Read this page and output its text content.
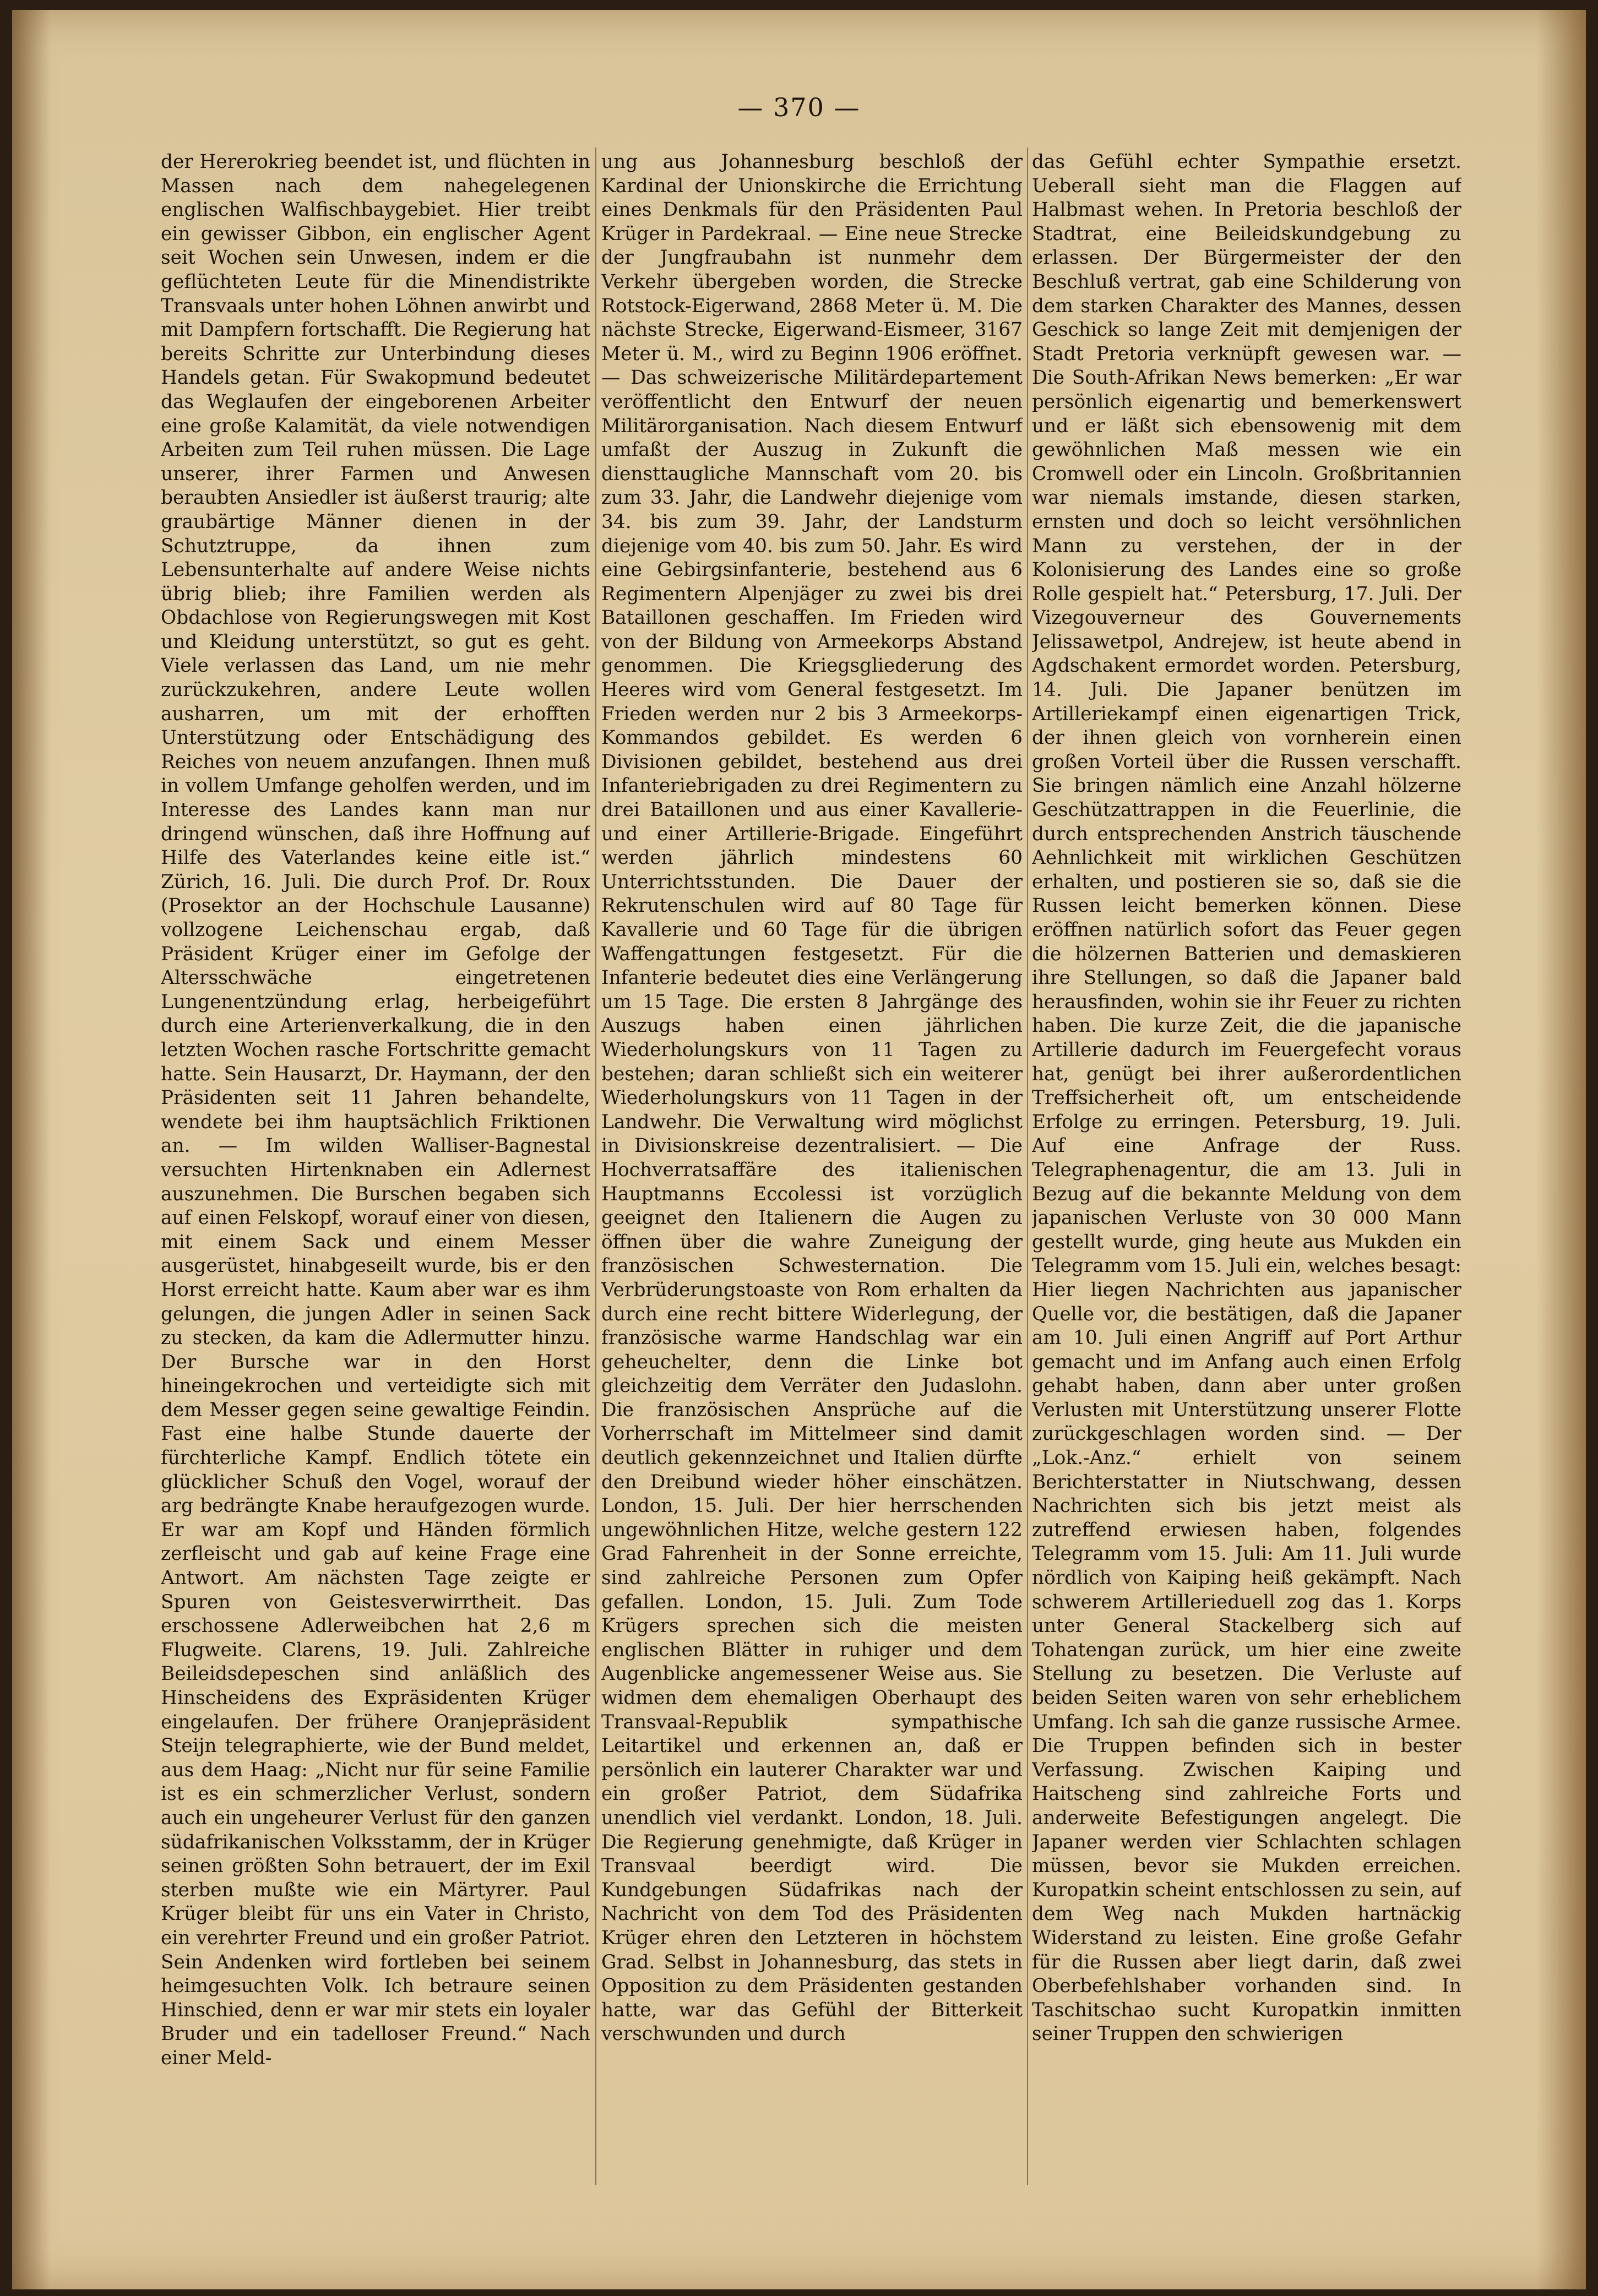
— 370 —

der Hererokrieg beendet ist, und flüchten in Massen nach dem nahegelegenen englischen Walfischbaygebiet. Hier treibt ein gewisser Gibbon, ein englischer Agent seit Wochen sein Unwesen, indem er die geflüchteten Leute für die Minendistrikte Transvaals unter hohen Löhnen anwirbt und mit Dampfern fortschafft. Die Regierung hat bereits Schritte zur Unterbindung dieses Handels getan. Für Swakopmund bedeutet das Weglaufen der eingeborenen Arbeiter eine große Kalamität, da viele notwendigen Arbeiten zum Teil ruhen müssen. Die Lage unserer, ihrer Farmen und Anwesen beraubten Ansiedler ist äußerst traurig; alte graubärtige Männer dienen in der Schutztruppe, da ihnen zum Lebensunterhalte auf andere Weise nichts übrig blieb; ihre Familien werden als Obdachlose von Regierungswegen mit Kost und Kleidung unterstützt, so gut es geht. Viele verlassen das Land, um nie mehr zurückzukehren, andere Leute wollen ausharren, um mit der erhofften Unterstützung oder Entschädigung des Reiches von neuem anzufangen. Ihnen muß in vollem Umfange geholfen werden, und im Interesse des Landes kann man nur dringend wünschen, daß ihre Hoffnung auf Hilfe des Vaterlandes keine eitle ist.“ Zürich, 16. Juli. Die durch Prof. Dr. Roux (Prosektor an der Hochschule Lausanne) vollzogene Leichenschau ergab, daß Präsident Krüger einer im Gefolge der Altersschwäche eingetretenen Lungenentzündung erlag, herbeigeführt durch eine Arterienverkalkung, die in den letzten Wochen rasche Fortschritte gemacht hatte. Sein Hausarzt, Dr. Haymann, der den Präsidenten seit 11 Jahren behandelte, wendete bei ihm hauptsächlich Friktionen an. — Im wilden Walliser-Bagnestal versuchten Hirtenknaben ein Adlernest auszunehmen. Die Burschen begaben sich auf einen Felskopf, worauf einer von diesen, mit einem Sack und einem Messer ausgerüstet, hinabgeseilt wurde, bis er den Horst erreicht hatte. Kaum aber war es ihm gelungen, die jungen Adler in seinen Sack zu stecken, da kam die Adlermutter hinzu. Der Bursche war in den Horst hineingekrochen und verteidigte sich mit dem Messer gegen seine gewaltige Feindin. Fast eine halbe Stunde dauerte der fürchterliche Kampf. Endlich tötete ein glücklicher Schuß den Vogel, worauf der arg bedrängte Knabe heraufgezogen wurde. Er war am Kopf und Händen förmlich zerfleischt und gab auf keine Frage eine Antwort. Am nächsten Tage zeigte er Spuren von Geistesverwirrtheit. Das erschossene Adlerweibchen hat 2,6 m Flugweite. Clarens, 19. Juli. Zahlreiche Beileidsdepeschen sind anläßlich des Hinscheidens des Expräsidenten Krüger eingelaufen. Der frühere Oranjepräsident Steijn telegraphierte, wie der Bund meldet, aus dem Haag: „Nicht nur für seine Familie ist es ein schmerzlicher Verlust, sondern auch ein ungeheurer Verlust für den ganzen südafrikanischen Volksstamm, der in Krüger seinen größten Sohn betrauert, der im Exil sterben mußte wie ein Märtyrer. Paul Krüger bleibt für uns ein Vater in Christo, ein verehrter Freund und ein großer Patriot. Sein Andenken wird fortleben bei seinem heimgesuchten Volk. Ich betraure seinen Hinschied, denn er war mir stets ein loyaler Bruder und ein tadelloser Freund.“ Nach einer Meld-

ung aus Johannesburg beschloß der Kardinal der Unionskirche die Errichtung eines Denkmals für den Präsidenten Paul Krüger in Pardekraal. — Eine neue Strecke der Jungfraubahn ist nunmehr dem Verkehr übergeben worden, die Strecke Rotstock-Eigerwand, 2868 Meter ü. M. Die nächste Strecke, Eigerwand-Eismeer, 3167 Meter ü. M., wird zu Beginn 1906 eröffnet. — Das schweizerische Militärdepartement veröffentlicht den Entwurf der neuen Militärorganisation. Nach diesem Entwurf umfaßt der Auszug in Zukunft die diensttaugliche Mannschaft vom 20. bis zum 33. Jahr, die Landwehr diejenige vom 34. bis zum 39. Jahr, der Landsturm diejenige vom 40. bis zum 50. Jahr. Es wird eine Gebirgsinfanterie, bestehend aus 6 Regimentern Alpenjäger zu zwei bis drei Bataillonen geschaffen. Im Frieden wird von der Bildung von Armeekorps Abstand genommen. Die Kriegsgliederung des Heeres wird vom General festgesetzt. Im Frieden werden nur 2 bis 3 Armeekorps-Kommandos gebildet. Es werden 6 Divisionen gebildet, bestehend aus drei Infanteriebrigaden zu drei Regimentern zu drei Bataillonen und aus einer Kavallerie- und einer Artillerie-Brigade. Eingeführt werden jährlich mindestens 60 Unterrichtsstunden. Die Dauer der Rekrutenschulen wird auf 80 Tage für Kavallerie und 60 Tage für die übrigen Waffengattungen festgesetzt. Für die Infanterie bedeutet dies eine Verlängerung um 15 Tage. Die ersten 8 Jahrgänge des Auszugs haben einen jährlichen Wiederholungskurs von 11 Tagen zu bestehen; daran schließt sich ein weiterer Wiederholungskurs von 11 Tagen in der Landwehr. Die Verwaltung wird möglichst in Divisionskreise dezentralisiert. — Die Hochverratsaffäre des italienischen Hauptmanns Eccolessi ist vorzüglich geeignet den Italienern die Augen zu öffnen über die wahre Zuneigung der französischen Schwesternation. Die Verbrüderungstoaste von Rom erhalten da durch eine recht bittere Widerlegung, der französische warme Handschlag war ein geheuchelter, denn die Linke bot gleichzeitig dem Verräter den Judaslohn. Die französischen Ansprüche auf die Vorherrschaft im Mittelmeer sind damit deutlich gekennzeichnet und Italien dürfte den Dreibund wieder höher einschätzen. London, 15. Juli. Der hier herrschenden ungewöhnlichen Hitze, welche gestern 122 Grad Fahrenheit in der Sonne erreichte, sind zahlreiche Personen zum Opfer gefallen. London, 15. Juli. Zum Tode Krügers sprechen sich die meisten englischen Blätter in ruhiger und dem Augenblicke angemessener Weise aus. Sie widmen dem ehemaligen Oberhaupt des Transvaal-Republik sympathische Leitartikel und erkennen an, daß er persönlich ein lauterer Charakter war und ein großer Patriot, dem Südafrika unendlich viel verdankt. London, 18. Juli. Die Regierung genehmigte, daß Krüger in Transvaal beerdigt wird. Die Kundgebungen Südafrikas nach der Nachricht von dem Tod des Präsidenten Krüger ehren den Letzteren in höchstem Grad. Selbst in Johannesburg, das stets in Opposition zu dem Präsidenten gestanden hatte, war das Gefühl der Bitterkeit verschwunden und durch

das Gefühl echter Sympathie ersetzt. Ueberall sieht man die Flaggen auf Halbmast wehen. In Pretoria beschloß der Stadtrat, eine Beileidskundgebung zu erlassen. Der Bürgermeister der den Beschluß vertrat, gab eine Schilderung von dem starken Charakter des Mannes, dessen Geschick so lange Zeit mit demjenigen der Stadt Pretoria verknüpft gewesen war. — Die South-Afrikan News bemerken: „Er war persönlich eigenartig und bemerkenswert und er läßt sich ebensowenig mit dem gewöhnlichen Maß messen wie ein Cromwell oder ein Lincoln. Großbritannien war niemals imstande, diesen starken, ernsten und doch so leicht versöhnlichen Mann zu verstehen, der in der Kolonisierung des Landes eine so große Rolle gespielt hat.“ Petersburg, 17. Juli. Der Vizegouverneur des Gouvernements Jelissawetpol, Andrejew, ist heute abend in Agdschakent ermordet worden. Petersburg, 14. Juli. Die Japaner benützen im Artilleriekampf einen eigenartigen Trick, der ihnen gleich von vornherein einen großen Vorteil über die Russen verschafft. Sie bringen nämlich eine Anzahl hölzerne Geschützattrappen in die Feuerlinie, die durch entsprechenden Anstrich täuschende Aehnlichkeit mit wirklichen Geschützen erhalten, und postieren sie so, daß sie die Russen leicht bemerken können. Diese eröffnen natürlich sofort das Feuer gegen die hölzernen Batterien und demaskieren ihre Stellungen, so daß die Japaner bald herausfinden, wohin sie ihr Feuer zu richten haben. Die kurze Zeit, die die japanische Artillerie dadurch im Feuergefecht voraus hat, genügt bei ihrer außerordentlichen Treffsicherheit oft, um entscheidende Erfolge zu erringen. Petersburg, 19. Juli. Auf eine Anfrage der Russ. Telegraphenagentur, die am 13. Juli in Bezug auf die bekannte Meldung von dem japanischen Verluste von 30 000 Mann gestellt wurde, ging heute aus Mukden ein Telegramm vom 15. Juli ein, welches besagt: Hier liegen Nachrichten aus japanischer Quelle vor, die bestätigen, daß die Japaner am 10. Juli einen Angriff auf Port Arthur gemacht und im Anfang auch einen Erfolg gehabt haben, dann aber unter großen Verlusten mit Unterstützung unserer Flotte zurückgeschlagen worden sind. — Der „Lok.-Anz.“ erhielt von seinem Berichterstatter in Niutschwang, dessen Nachrichten sich bis jetzt meist als zutreffend erwiesen haben, folgendes Telegramm vom 15. Juli: Am 11. Juli wurde nördlich von Kaiping heiß gekämpft. Nach schwerem Artillerieduell zog das 1. Korps unter General Stackelberg sich auf Tohatengan zurück, um hier eine zweite Stellung zu besetzen. Die Verluste auf beiden Seiten waren von sehr erheblichem Umfang. Ich sah die ganze russische Armee. Die Truppen befinden sich in bester Verfassung. Zwischen Kaiping und Haitscheng sind zahlreiche Forts und anderweite Befestigungen angelegt. Die Japaner werden vier Schlachten schlagen müssen, bevor sie Mukden erreichen. Kuropatkin scheint entschlossen zu sein, auf dem Weg nach Mukden hartnäckig Widerstand zu leisten. Eine große Gefahr für die Russen aber liegt darin, daß zwei Oberbefehlshaber vorhanden sind. In Taschitschao sucht Kuropatkin inmitten seiner Truppen den schwierigen
